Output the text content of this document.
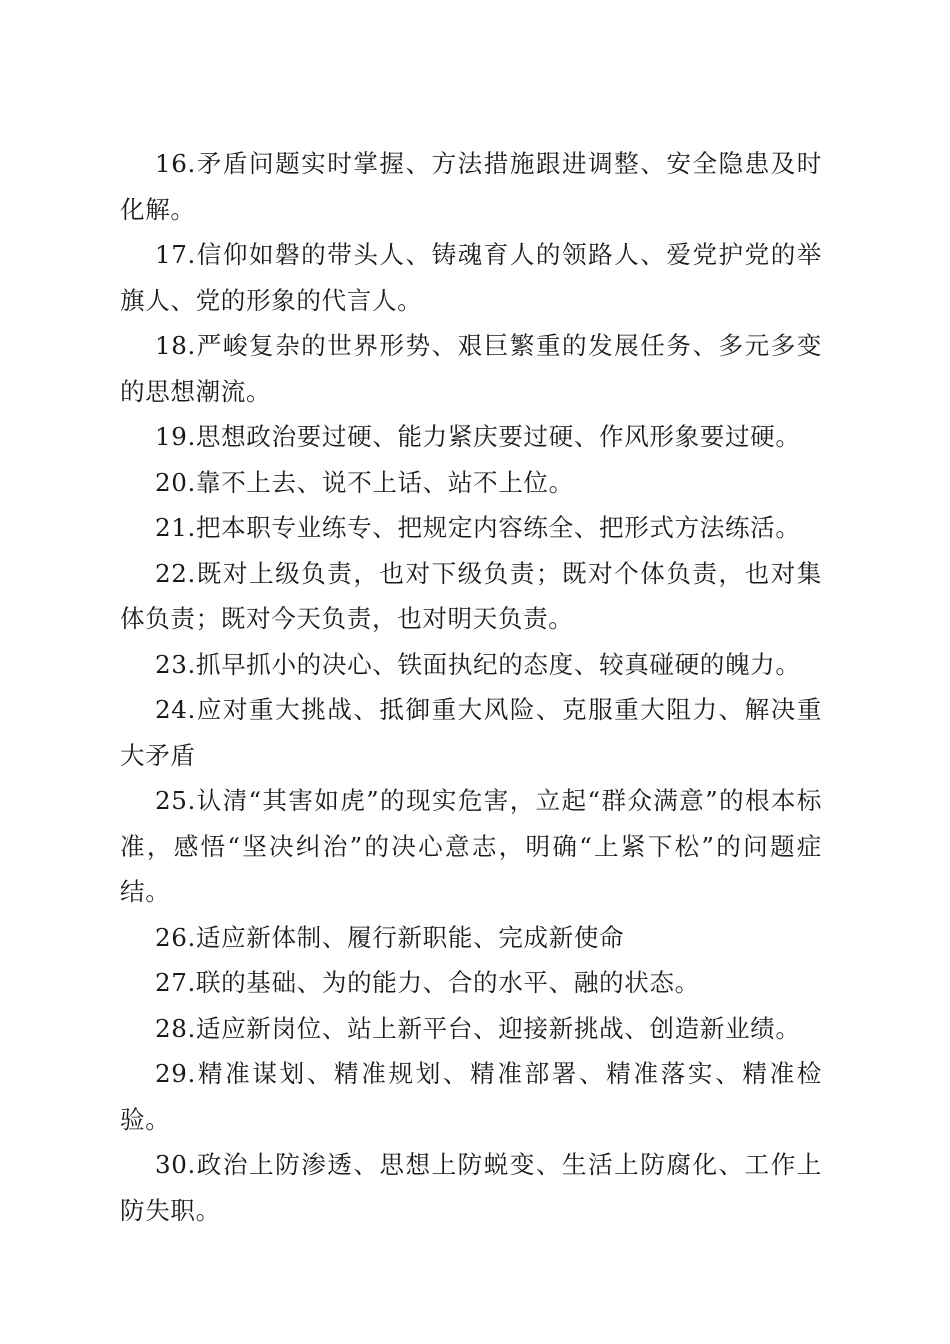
16.矛盾问题实时掌握、方法措施跟进调整、安全隐患及时化解。

17.信仰如磐的带头人、铸魂育人的领路人、爱党护党的举旗人、党的形象的代言人。

18.严峻复杂的世界形势、艰巨繁重的发展任务、多元多变的思想潮流。

19.思想政治要过硬、能力紧庆要过硬、作风形象要过硬。

20.靠不上去、说不上话、站不上位。

21.把本职专业练专、把规定内容练全、把形式方法练活。

22.既对上级负责，也对下级负责；既对个体负责，也对集体负责；既对今天负责，也对明天负责。

23.抓早抓小的决心、铁面执纪的态度、较真碰硬的魄力。

24.应对重大挑战、抵御重大风险、克服重大阻力、解决重大矛盾

25.认清“其害如虎”的现实危害，立起“群众满意”的根本标准，感悟“坚决纠治”的决心意志，明确“上紧下松”的问题症结。

26.适应新体制、履行新职能、完成新使命

27.联的基础、为的能力、合的水平、融的状态。

28.适应新岗位、站上新平台、迎接新挑战、创造新业绩。

29.精准谋划、精准规划、精准部署、精准落实、精准检验。

30.政治上防渗透、思想上防蜕变、生活上防腐化、工作上防失职。
